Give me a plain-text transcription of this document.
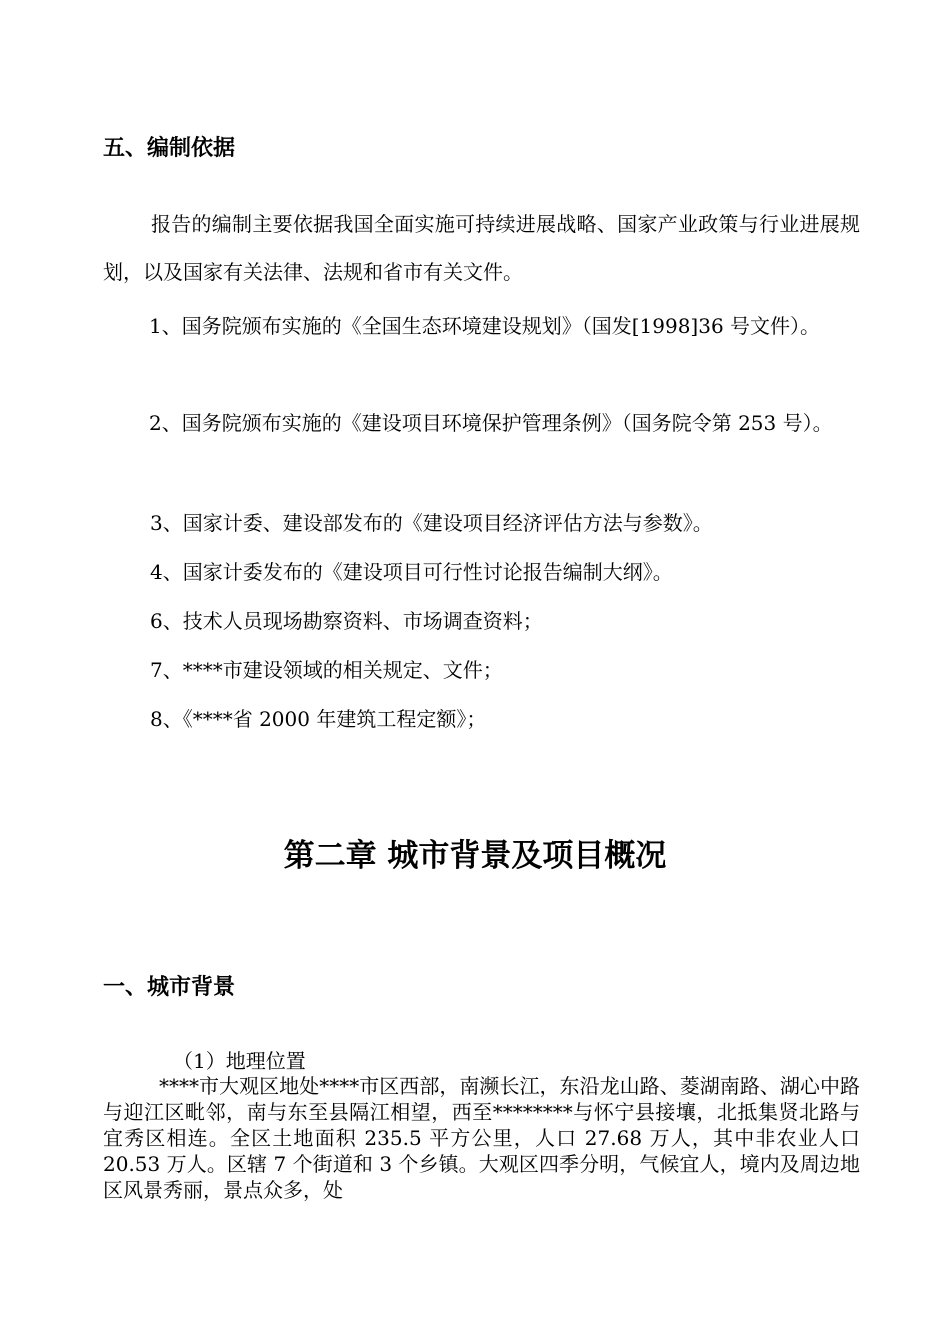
五、编制依据

报告的编制主要依据我国全面实施可持续进展战略、国家产业政策与行业进展规划，以及国家有关法律、法规和省市有关文件。

1、国务院颁布实施的《全国生态环境建设规划》（国发[1998]36 号文件）。

2、国务院颁布实施的《建设项目环境保护管理条例》（国务院令第 253 号）。

3、国家计委、建设部发布的《建设项目经济评估方法与参数》。
4、国家计委发布的《建设项目可行性讨论报告编制大纲》。
6、技术人员现场勘察资料、市场调查资料；
7、****市建设领域的相关规定、文件；
8、《****省 2000 年建筑工程定额》；
第二章 城市背景及项目概况
一、城市背景
（1）地理位置

****市大观区地处****市区西部，南濒长江，东沿龙山路、菱湖南路、湖心中路与迎江区毗邻，南与东至县隔江相望，西至********与怀宁县接壤，北抵集贤北路与宜秀区相连。全区土地面积 235.5 平方公里，人口 27.68 万人，其中非农业人口 20.53 万人。区辖 7 个街道和 3 个乡镇。大观区四季分明，气候宜人，境内及周边地区风景秀丽，景点众多，处
